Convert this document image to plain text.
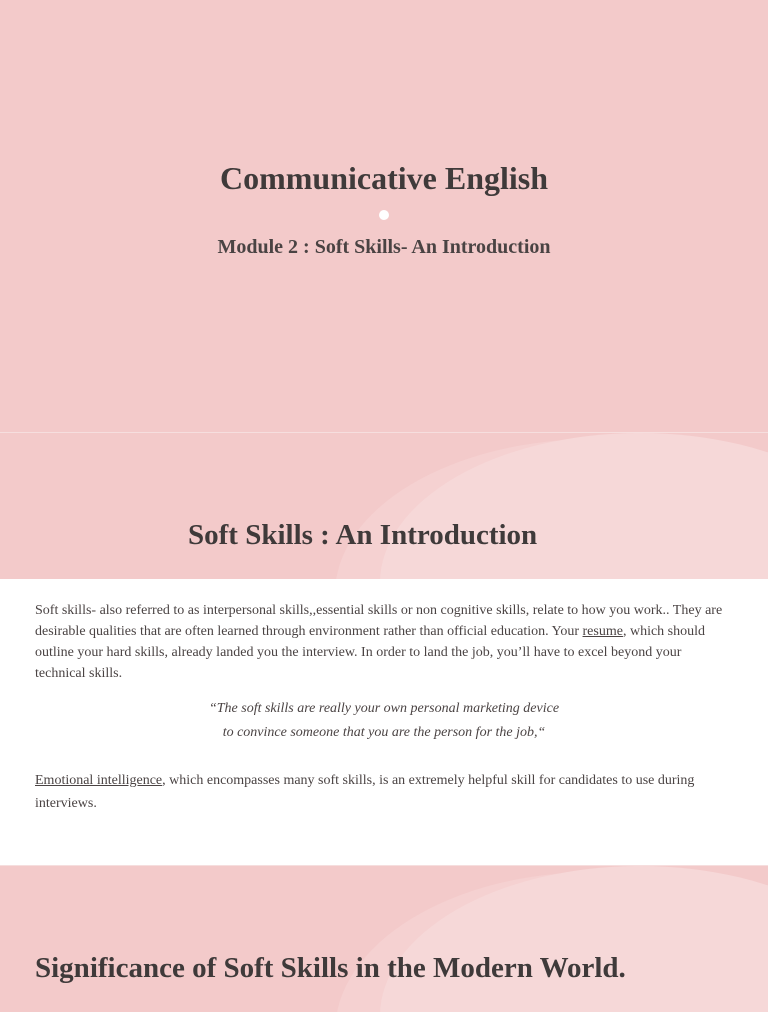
Communicative English
Module 2 : Soft Skills- An Introduction
Soft Skills : An Introduction

Soft skills- also referred to as interpersonal skills,,essential skills or non cognitive skills, relate to how you work.. They are desirable qualities that are often learned through environment rather than official education. Your resume, which should outline your hard skills, already landed you the interview. In order to land the job, you’ll have to excel beyond your technical skills.

“The soft skills are really your own personal marketing device
to convince someone that you are the person for the job,“

Emotional intelligence, which encompasses many soft skills, is an extremely helpful skill for candidates to use during interviews.

Significance of Soft Skills in the Modern World.
